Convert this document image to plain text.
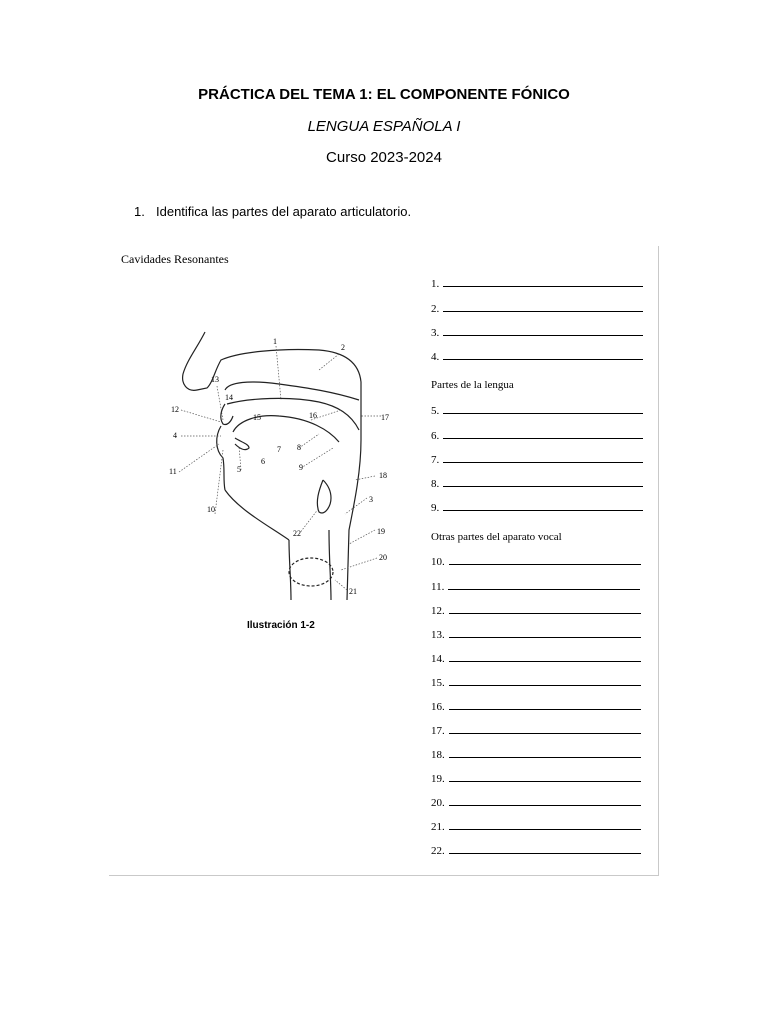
PRÁCTICA DEL TEMA 1: EL COMPONENTE FÓNICO
LENGUA ESPAÑOLA I
Curso 2023-2024
1. Identifica las partes del aparato articulatorio.
Cavidades Resonantes
1
2
3
4
5
6
7 8
9
10
11
12
13
14
15	16	17
18
19
20
21
22
Ilustración 1-2
1.
2.
3.
4.
Partes de la lengua
5.
6.
7.
8.
9.
Otras partes del aparato vocal
10.
11.
12.
13.
14.
15.
16.
17.
18.
19.
20.
21.
22.
